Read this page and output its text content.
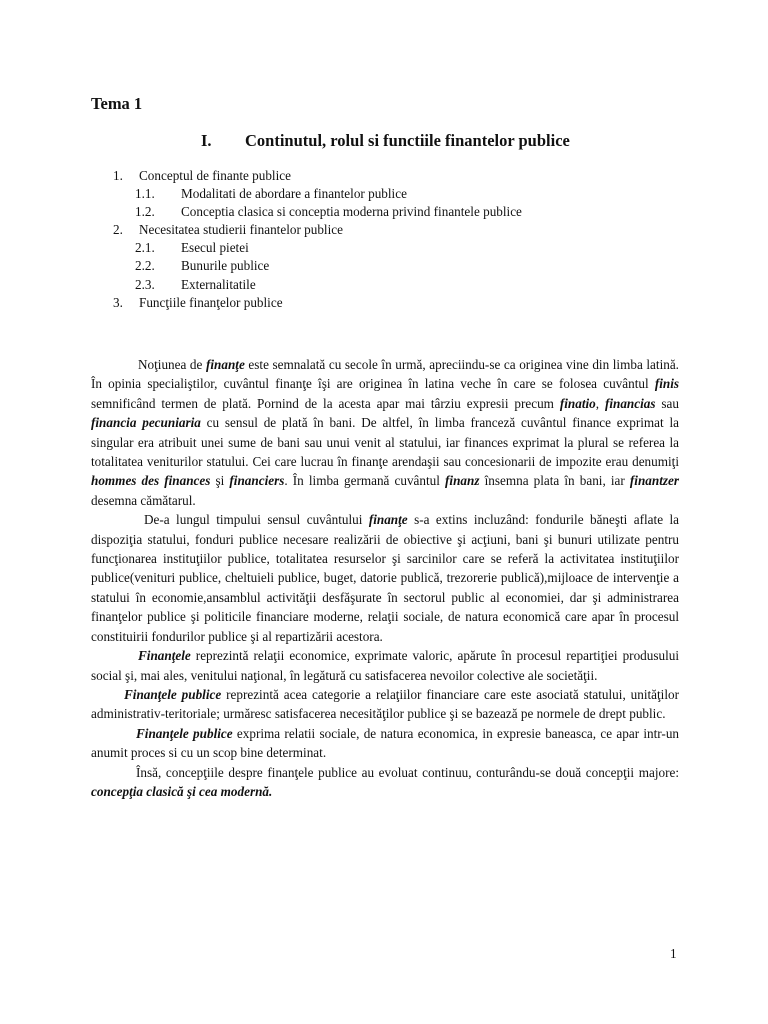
Tema 1
I. Continutul, rolul si functiile finantelor publice
1. Conceptul de finante publice
1.1. Modalitati de abordare a finantelor publice
1.2. Conceptia clasica si conceptia moderna privind finantele publice
2. Necesitatea studierii finantelor publice
2.1. Esecul pietei
2.2. Bunurile publice
2.3. Externalitatile
3. Funcţiile finanţelor publice

Noţiunea de finanţe este semnalată cu secole în urmă, apreciindu-se ca originea vine din limba latină. În opinia specialiştilor, cuvântul finanţe îşi are originea în latina veche în care se folosea cuvântul finis semnificând termen de plată. Pornind de la acesta apar mai târziu expresii precum finatio, financias sau financia pecuniaria cu sensul de plată în bani. De altfel, în limba franceză cuvântul finance exprimat la singular era atribuit unei sume de bani sau unui venit al statului, iar finances exprimat la plural se referea la totalitatea veniturilor statului. Cei care lucrau în finanţe arendaşii sau concesionarii de impozite erau denumiţi hommes des finances şi financiers. În limba germană cuvântul finanz însemna plata în bani, iar finantzer desemna cămătarul.

De-a lungul timpului sensul cuvântului finanţe s-a extins incluzând: fondurile băneşti aflate la dispoziţia statului, fonduri publice necesare realizării de obiective şi acţiuni, bani şi bunuri utilizate pentru funcţionarea instituţiilor publice, totalitatea resurselor şi sarcinilor care se referă la activitatea instituţiilor publice(venituri publice, cheltuieli publice, buget, datorie publică, trezorerie publică),mijloace de intervenţie a statului în economie,ansamblul activităţii desfăşurate în sectorul public al economiei, dar şi administrarea finanţelor publice şi politicile financiare moderne, relaţii sociale, de natura economică care apar în procesul constituirii fondurilor publice şi al repartizării acestora.

Finanţele reprezintă relaţii economice, exprimate valoric, apărute în procesul repartiţiei produsului social şi, mai ales, venitului naţional, în legătură cu satisfacerea nevoilor colective ale societăţii.

Finanţele publice reprezintă acea categorie a relaţiilor financiare care este asociată statului, unităţilor administrativ-teritoriale; urmăresc satisfacerea necesităţilor publice şi se bazează pe normele de drept public.

Finanţele publice exprima relatii sociale, de natura economica, in expresie baneasca, ce apar intr-un anumit proces si cu un scop bine determinat.

Însă, concepţiile despre finanţele publice au evoluat continuu, conturându-se două concepţii majore: concepţia clasică şi cea modernă.

1
